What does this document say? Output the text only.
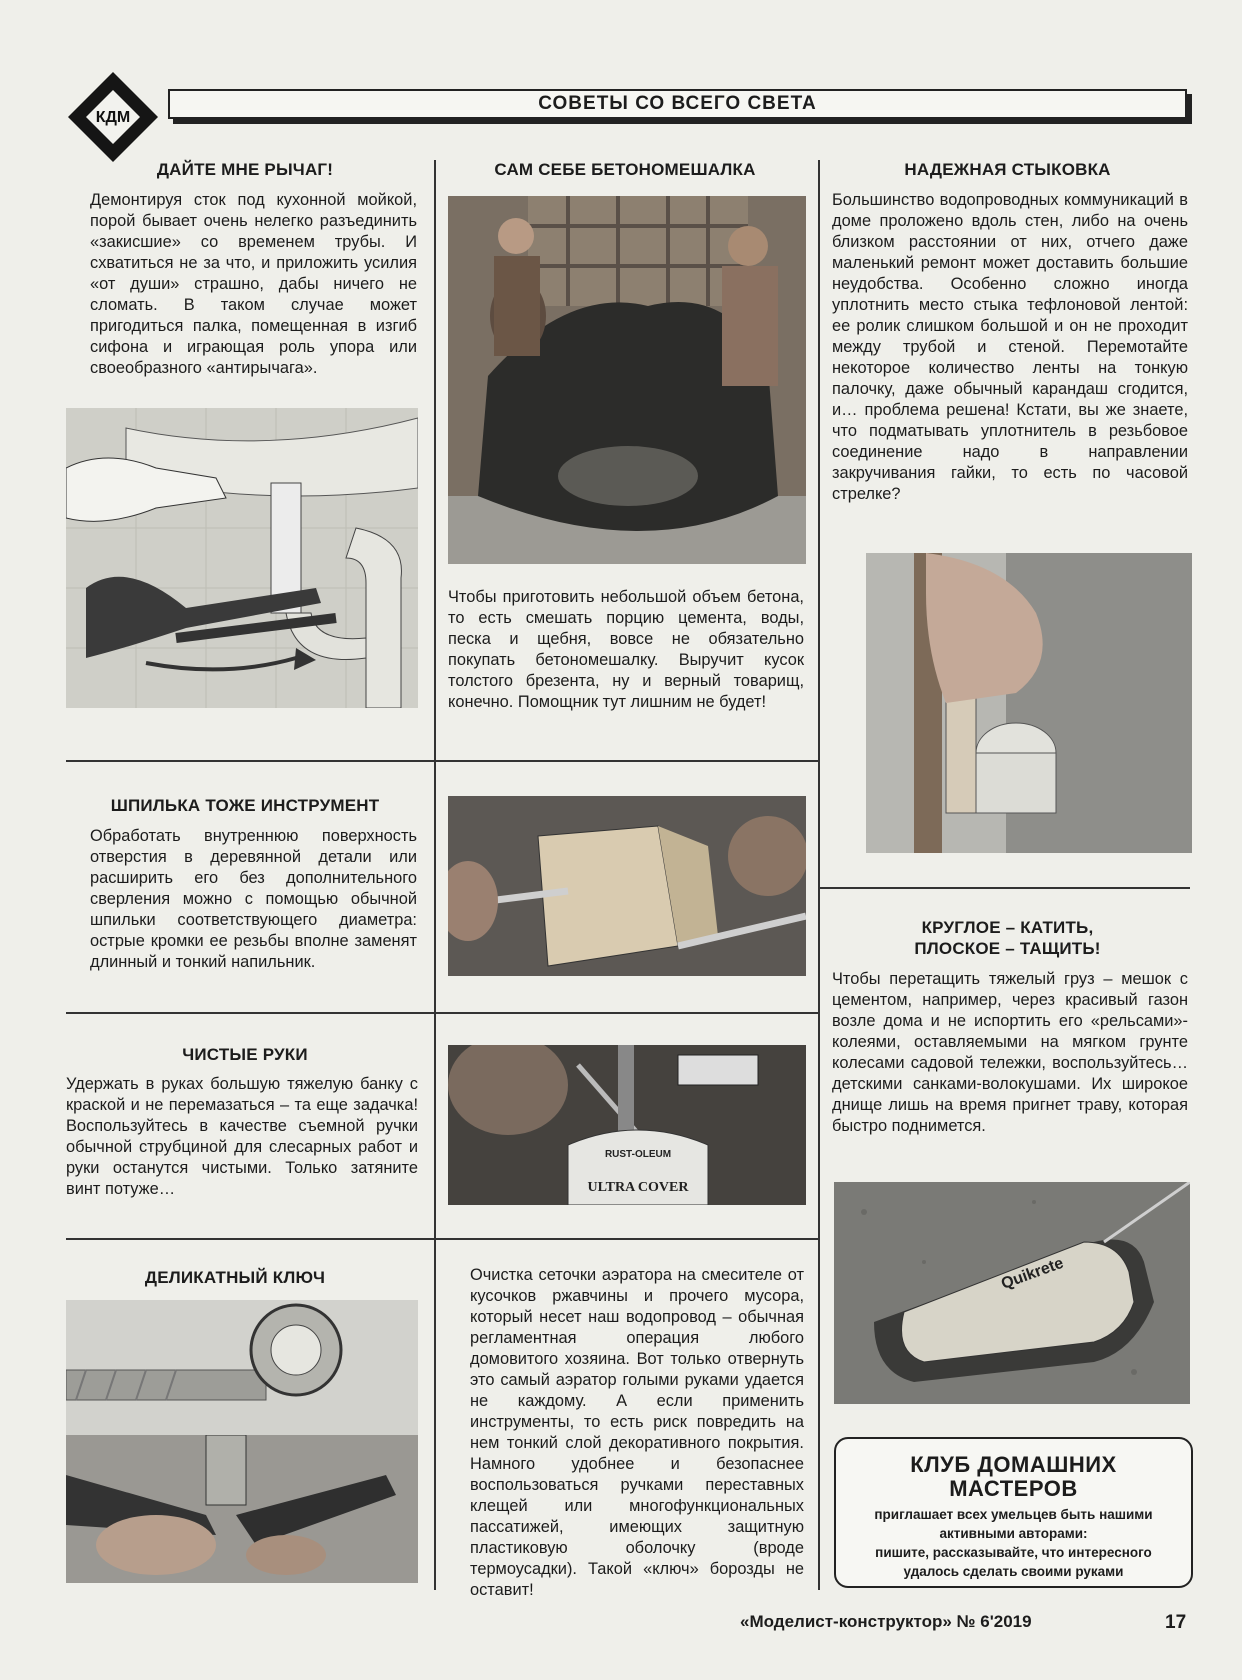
КДМ
СОВЕТЫ СО ВСЕГО СВЕТА
ДАЙТЕ МНЕ РЫЧАГ!
Демонтируя сток под кухонной мойкой, порой бывает очень нелегко разъединить «закисшие» со временем трубы. И схватиться не за что, и приложить усилия «от души» страшно, дабы ничего не сломать. В таком случае может пригодиться палка, помещенная в изгиб сифона и играющая роль упора или своеобразного «антирычага».
САМ СЕБЕ БЕТОНОМЕШАЛКА
Чтобы приготовить небольшой объем бетона, то есть смешать порцию цемента, воды, песка и щебня, вовсе не обязательно покупать бетономешалку. Выручит кусок толстого брезента, ну и верный товарищ, конечно. Помощник тут лишним не будет!
НАДЕЖНАЯ СТЫКОВКА
Большинство водопроводных коммуникаций в доме проложено вдоль стен, либо на очень близком расстоянии от них, отчего даже маленький ремонт может доставить большие неудобства. Особенно сложно иногда уплотнить место стыка тефлоновой лентой: ее ролик слишком большой и он не проходит между трубой и стеной. Перемотайте некоторое количество ленты на тонкую палочку, даже обычный карандаш сгодится, и… проблема решена! Кстати, вы же знаете, что подматывать уплотнитель в резьбовое соединение надо в направлении закручивания гайки, то есть по часовой стрелке?
ШПИЛЬКА ТОЖЕ ИНСТРУМЕНТ
Обработать внутреннюю поверхность отверстия в деревянной детали или расширить его без дополнительного сверления можно с помощью обычной шпильки соответствующего диаметра: острые кромки ее резьбы вполне заменят длинный и тонкий напильник.
ЧИСТЫЕ РУКИ
Удержать в руках большую тяжелую банку с краской и не перемазаться – та еще задачка! Воспользуйтесь в качестве съемной ручки обычной струбциной для слесарных работ и руки останутся чистыми. Только затяните винт потуже…
RUST-OLEUM
ULTRA COVER
КРУГЛОЕ – КАТИТЬ,
ПЛОСКОЕ – ТАЩИТЬ!
Чтобы перетащить тяжелый груз – мешок с цементом, например, через красивый газон возле дома и не испортить его «рельсами»-колеями, оставляемыми на мягком грунте колесами садовой тележки, воспользуйтесь… детскими санками-волокушами. Их широкое днище лишь на время пригнет траву, которая быстро поднимется.
Quikrete
ДЕЛИКАТНЫЙ КЛЮЧ	Очистка сеточки аэратора на смесителе от кусочков ржавчины и прочего мусора, который несет наш водопровод – обычная регламентная операция любого домовитого хозяина. Вот только отвернуть это самый аэратор голыми руками удается не каждому. А если применить инструменты, то есть риск повредить на нем тонкий слой декоративного покрытия. Намного удобнее и безопаснее воспользоваться ручками переставных клещей или многофункциональных пассатижей, имеющих защитную пластиковую оболочку (вроде термоусадки). Такой «ключ» борозды не оставит!
КЛУБ ДОМАШНИХ
МАСТЕРОВ
приглашает всех умельцев быть нашими
активными авторами:
пишите, рассказывайте, что интересного
удалось сделать своими руками
«Моделист-конструктор» № 6'2019	17
